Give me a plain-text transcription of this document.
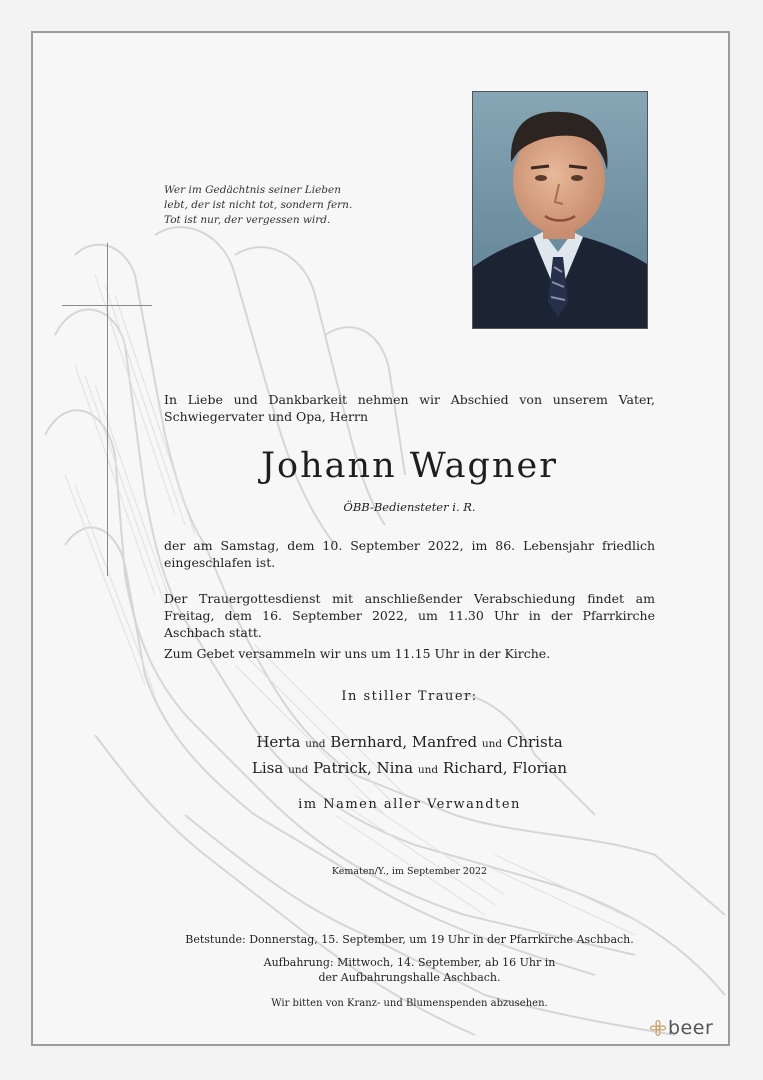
Wer im Gedächtnis seiner Lieben
lebt, der ist nicht tot, sondern fern.
Tot ist nur, der vergessen wird.
In Liebe und Dankbarkeit nehmen wir Abschied von unserem Vater, Schwiegervater und Opa, Herrn
Johann Wagner
ÖBB-Bediensteter i. R.
der am Samstag, dem 10. September 2022, im 86. Lebensjahr friedlich eingeschlafen ist.
Der Trauergottesdienst mit anschließender Verabschiedung findet am Freitag, dem 16. September 2022, um 11.30 Uhr in der Pfarrkirche Aschbach statt.
Zum Gebet versammeln wir uns um 11.15 Uhr in der Kirche.
In stiller Trauer:
Herta und Bernhard, Manfred und Christa
Lisa und Patrick, Nina und Richard, Florian
im Namen aller Verwandten
Kematen/Y., im September 2022
Betstunde: Donnerstag, 15. September, um 19 Uhr in der Pfarrkirche Aschbach.
Aufbahrung: Mittwoch, 14. September, ab 16 Uhr in
der Aufbahrungshalle Aschbach.
Wir bitten von Kranz- und Blumenspenden abzusehen.
beer
